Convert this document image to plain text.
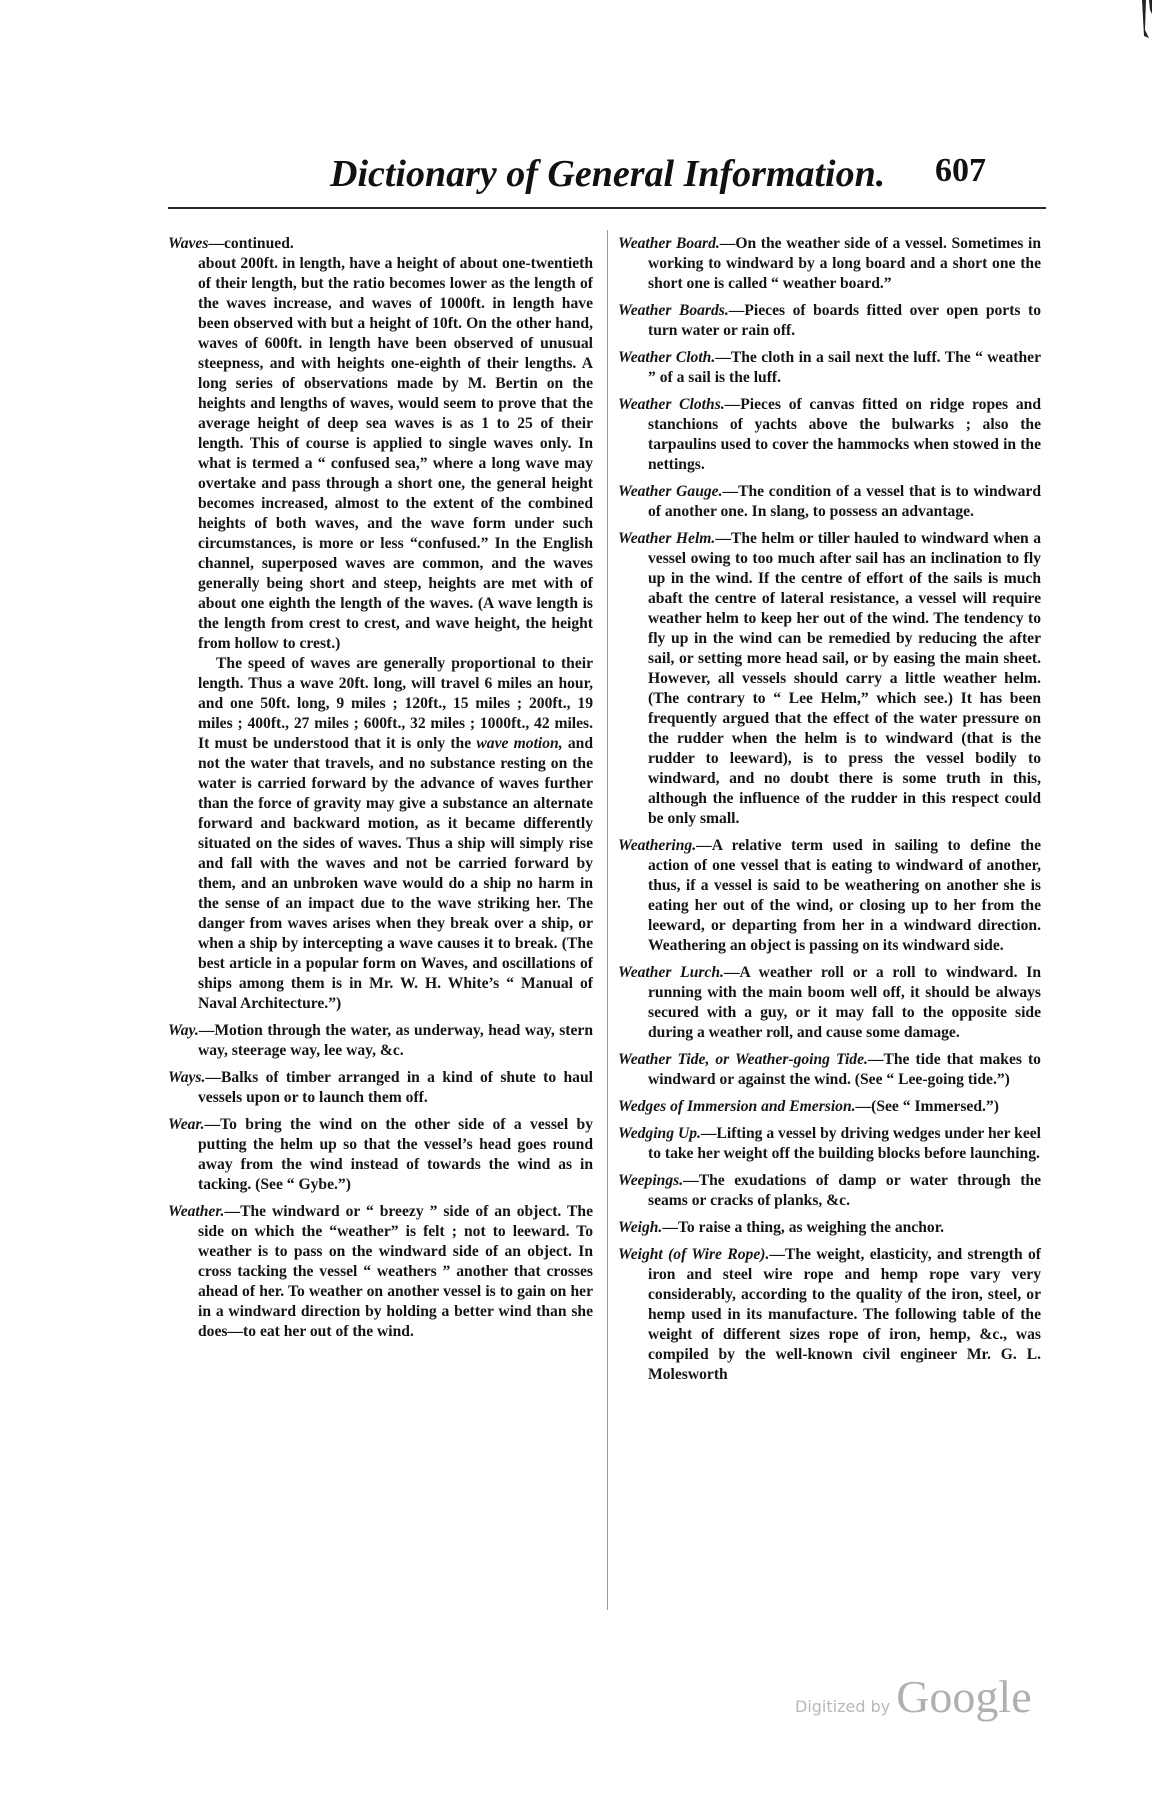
Dictionary of General Information. 607

Waves—continued.

about 200ft. in length, have a height of about one-twentieth of their length, but the ratio becomes lower as the length of the waves increase, and waves of 1000ft. in length have been observed with but a height of 10ft. On the other hand, waves of 600ft. in length have been observed of unusual steepness, and with heights one-eighth of their lengths. A long series of observations made by M. Bertin on the heights and lengths of waves, would seem to prove that the average height of deep sea waves is as 1 to 25 of their length. This of course is applied to single waves only. In what is termed a “ confused sea,” where a long wave may overtake and pass through a short one, the general height becomes increased, almost to the extent of the combined heights of both waves, and the wave form under such circumstances, is more or less “confused.” In the English channel, superposed waves are common, and the waves generally being short and steep, heights are met with of about one eighth the length of the waves. (A wave length is the length from crest to crest, and wave height, the height from hollow to crest.)

The speed of waves are generally proportional to their length. Thus a wave 20ft. long, will travel 6 miles an hour, and one 50ft. long, 9 miles ; 120ft., 15 miles ; 200ft., 19 miles ; 400ft., 27 miles ; 600ft., 32 miles ; 1000ft., 42 miles. It must be understood that it is only the wave motion, and not the water that travels, and no substance resting on the water is carried forward by the advance of waves further than the force of gravity may give a substance an alternate forward and backward motion, as it became differently situated on the sides of waves. Thus a ship will simply rise and fall with the waves and not be carried forward by them, and an unbroken wave would do a ship no harm in the sense of an impact due to the wave striking her. The danger from waves arises when they break over a ship, or when a ship by intercepting a wave causes it to break. (The best article in a popular form on Waves, and oscillations of ships among them is in Mr. W. H. White’s “ Manual of Naval Architecture.”)

Way.—Motion through the water, as underway, head way, stern way, steerage way, lee way, &c.

Ways.—Balks of timber arranged in a kind of shute to haul vessels upon or to launch them off.

Wear.—To bring the wind on the other side of a vessel by putting the helm up so that the vessel’s head goes round away from the wind instead of towards the wind as in tacking. (See “ Gybe.”)

Weather.—The windward or “ breezy ” side of an object. The side on which the “weather” is felt ; not to leeward. To weather is to pass on the windward side of an object. In cross tacking the vessel “ weathers ” another that crosses ahead of her. To weather on another vessel is to gain on her in a windward direction by holding a better wind than she does—to eat her out of the wind.

Weather Board.—On the weather side of a vessel. Sometimes in working to windward by a long board and a short one the short one is called “ weather board.”

Weather Boards.—Pieces of boards fitted over open ports to turn water or rain off.

Weather Cloth.—The cloth in a sail next the luff. The “ weather ” of a sail is the luff.

Weather Cloths.—Pieces of canvas fitted on ridge ropes and stanchions of yachts above the bulwarks ; also the tarpaulins used to cover the hammocks when stowed in the nettings.

Weather Gauge.—The condition of a vessel that is to windward of another one. In slang, to possess an advantage.

Weather Helm.—The helm or tiller hauled to windward when a vessel owing to too much after sail has an inclination to fly up in the wind. If the centre of effort of the sails is much abaft the centre of lateral resistance, a vessel will require weather helm to keep her out of the wind. The tendency to fly up in the wind can be remedied by reducing the after sail, or setting more head sail, or by easing the main sheet. However, all vessels should carry a little weather helm. (The contrary to “ Lee Helm,” which see.) It has been frequently argued that the effect of the water pressure on the rudder when the helm is to windward (that is the rudder to leeward), is to press the vessel bodily to windward, and no doubt there is some truth in this, although the influence of the rudder in this respect could be only small.

Weathering.—A relative term used in sailing to define the action of one vessel that is eating to windward of another, thus, if a vessel is said to be weathering on another she is eating her out of the wind, or closing up to her from the leeward, or departing from her in a windward direction. Weathering an object is passing on its windward side.

Weather Lurch.—A weather roll or a roll to windward. In running with the main boom well off, it should be always secured with a guy, or it may fall to the opposite side during a weather roll, and cause some damage.

Weather Tide, or Weather-going Tide.—The tide that makes to windward or against the wind. (See “ Lee-going tide.”)

Wedges of Immersion and Emersion.—(See “ Immersed.”)

Wedging Up.—Lifting a vessel by driving wedges under her keel to take her weight off the building blocks before launching.

Weepings.—The exudations of damp or water through the seams or cracks of planks, &c.

Weigh.—To raise a thing, as weighing the anchor.

Weight (of Wire Rope).—The weight, elasticity, and strength of iron and steel wire rope and hemp rope vary very considerably, according to the quality of the iron, steel, or hemp used in its manufacture. The following table of the weight of different sizes rope of iron, hemp, &c., was compiled by the well-known civil engineer Mr. G. L. Molesworth

Digitized by Google
